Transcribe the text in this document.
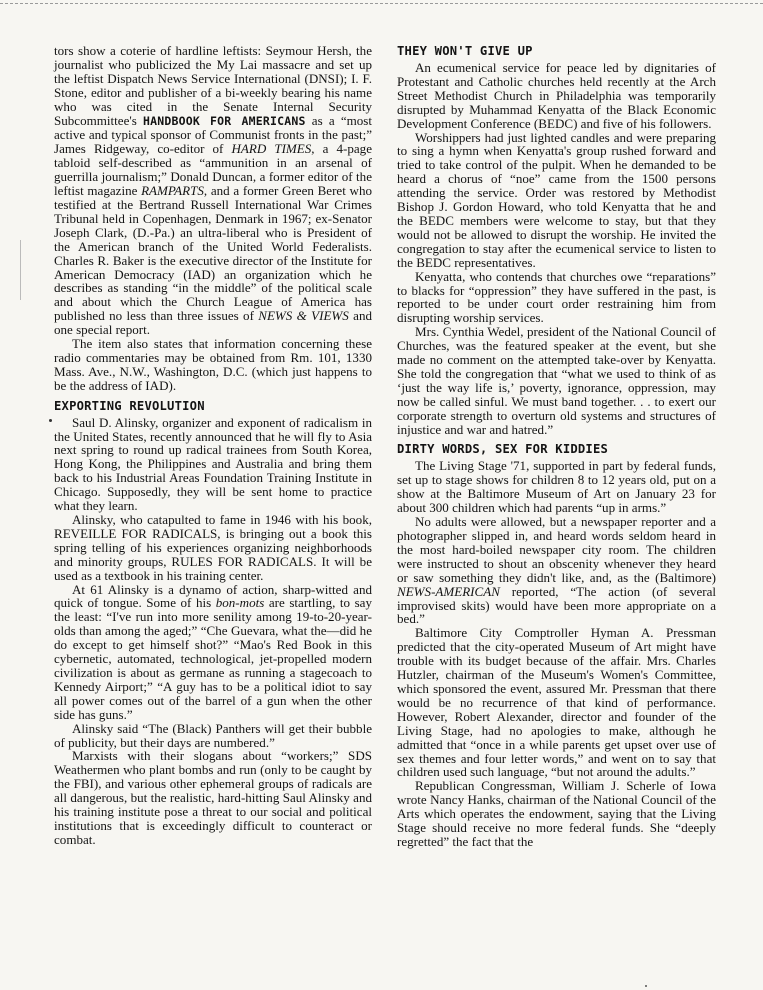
tors show a coterie of hardline leftists: Seymour Hersh, the journalist who publicized the My Lai massacre and set up the leftist Dispatch News Service International (DNSI); I. F. Stone, editor and publisher of a bi-weekly bearing his name who was cited in the Senate Internal Security Subcommittee's HANDBOOK FOR AMERICANS as a “most active and typical sponsor of Communist fronts in the past;” James Ridgeway, co-editor of HARD TIMES, a 4-page tabloid self-described as “ammunition in an arsenal of guerrilla journalism;” Donald Duncan, a former editor of the leftist magazine RAMPARTS, and a former Green Beret who testified at the Bertrand Russell International War Crimes Tribunal held in Copenhagen, Denmark in 1967; ex-Senator Joseph Clark, (D.-Pa.) an ultra-liberal who is President of the American branch of the United World Federalists. Charles R. Baker is the executive director of the Institute for American Democracy (IAD) an organization which he describes as standing “in the middle” of the political scale and about which the Church League of America has published no less than three issues of NEWS & VIEWS and one special report.

The item also states that information concerning these radio commentaries may be obtained from Rm. 101, 1330 Mass. Ave., N.W., Washington, D.C. (which just happens to be the address of IAD).

EXPORTING REVOLUTION

Saul D. Alinsky, organizer and exponent of radicalism in the United States, recently announced that he will fly to Asia next spring to round up radical trainees from South Korea, Hong Kong, the Philippines and Australia and bring them back to his Industrial Areas Foundation Training Institute in Chicago. Supposedly, they will be sent home to practice what they learn.

Alinsky, who catapulted to fame in 1946 with his book, REVEILLE FOR RADICALS, is bringing out a book this spring telling of his experiences organizing neighborhoods and minority groups, RULES FOR RADICALS. It will be used as a textbook in his training center.

At 61 Alinsky is a dynamo of action, sharp-witted and quick of tongue. Some of his bon-mots are startling, to say the least: “I've run into more senility among 19-to-20-year-olds than among the aged;” “Che Guevara, what the—did he do except to get himself shot?” “Mao's Red Book in this cybernetic, automated, technological, jet-propelled modern civilization is about as germane as running a stagecoach to Kennedy Airport;” “A guy has to be a political idiot to say all power comes out of the barrel of a gun when the other side has guns.”

Alinsky said “The (Black) Panthers will get their bubble of publicity, but their days are numbered.”

Marxists with their slogans about “workers;” SDS Weathermen who plant bombs and run (only to be caught by the FBI), and various other ephemeral groups of radicals are all dangerous, but the realistic, hard-hitting Saul Alinsky and his training institute pose a threat to our social and political institutions that is exceedingly difficult to counteract or combat.

THEY WON'T GIVE UP

An ecumenical service for peace led by dignitaries of Protestant and Catholic churches held recently at the Arch Street Methodist Church in Philadelphia was temporarily disrupted by Muhammad Kenyatta of the Black Economic Development Conference (BEDC) and five of his followers.

Worshippers had just lighted candles and were preparing to sing a hymn when Kenyatta's group rushed forward and tried to take control of the pulpit. When he demanded to be heard a chorus of “noe” came from the 1500 persons attending the service. Order was restored by Methodist Bishop J. Gordon Howard, who told Kenyatta that he and the BEDC members were welcome to stay, but that they would not be allowed to disrupt the worship. He invited the congregation to stay after the ecumenical service to listen to the BEDC representatives.

Kenyatta, who contends that churches owe “reparations” to blacks for “oppression” they have suffered in the past, is reported to be under court order restraining him from disrupting worship services.

Mrs. Cynthia Wedel, president of the National Council of Churches, was the featured speaker at the event, but she made no comment on the attempted take-over by Kenyatta. She told the congregation that “what we used to think of as ‘just the way life is,’ poverty, ignorance, oppression, may now be called sinful. We must band together. . . to exert our corporate strength to overturn old systems and structures of injustice and war and hatred.”

DIRTY WORDS, SEX FOR KIDDIES

The Living Stage '71, supported in part by federal funds, set up to stage shows for children 8 to 12 years old, put on a show at the Baltimore Museum of Art on January 23 for about 300 children which had parents “up in arms.”

No adults were allowed, but a newspaper reporter and a photographer slipped in, and heard words seldom heard in the most hard-boiled newspaper city room. The children were instructed to shout an obscenity whenever they heard or saw something they didn't like, and, as the (Baltimore) NEWS-AMERICAN reported, “The action (of several improvised skits) would have been more appropriate on a bed.”

Baltimore City Comptroller Hyman A. Pressman predicted that the city-operated Museum of Art might have trouble with its budget because of the affair. Mrs. Charles Hutzler, chairman of the Museum's Women's Committee, which sponsored the event, assured Mr. Pressman that there would be no recurrence of that kind of performance. However, Robert Alexander, director and founder of the Living Stage, had no apologies to make, although he admitted that “once in a while parents get upset over use of sex themes and four letter words,” and went on to say that children used such language, “but not around the adults.”

Republican Congressman, William J. Scherle of Iowa wrote Nancy Hanks, chairman of the National Council of the Arts which operates the endowment, saying that the Living Stage should receive no more federal funds. She “deeply regretted” the fact that the
